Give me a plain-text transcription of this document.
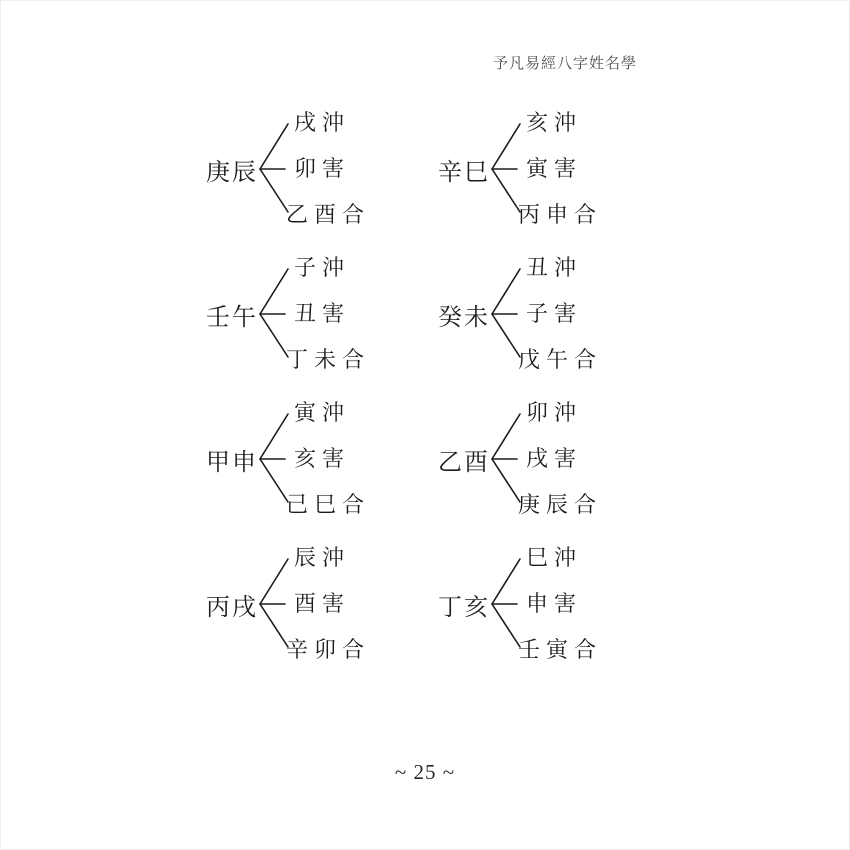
予凡易經八字姓名學
庚辰
戌沖
卯害
乙酉合
辛巳
亥沖
寅害
丙申合
壬午
子沖
丑害
丁未合
癸未
丑沖
子害
戊午合
甲申
寅沖
亥害
己巳合
乙酉
卯沖
戌害
庚辰合
丙戌
辰沖
酉害
辛卯合
丁亥
巳沖
申害
壬寅合
~ 25 ~
